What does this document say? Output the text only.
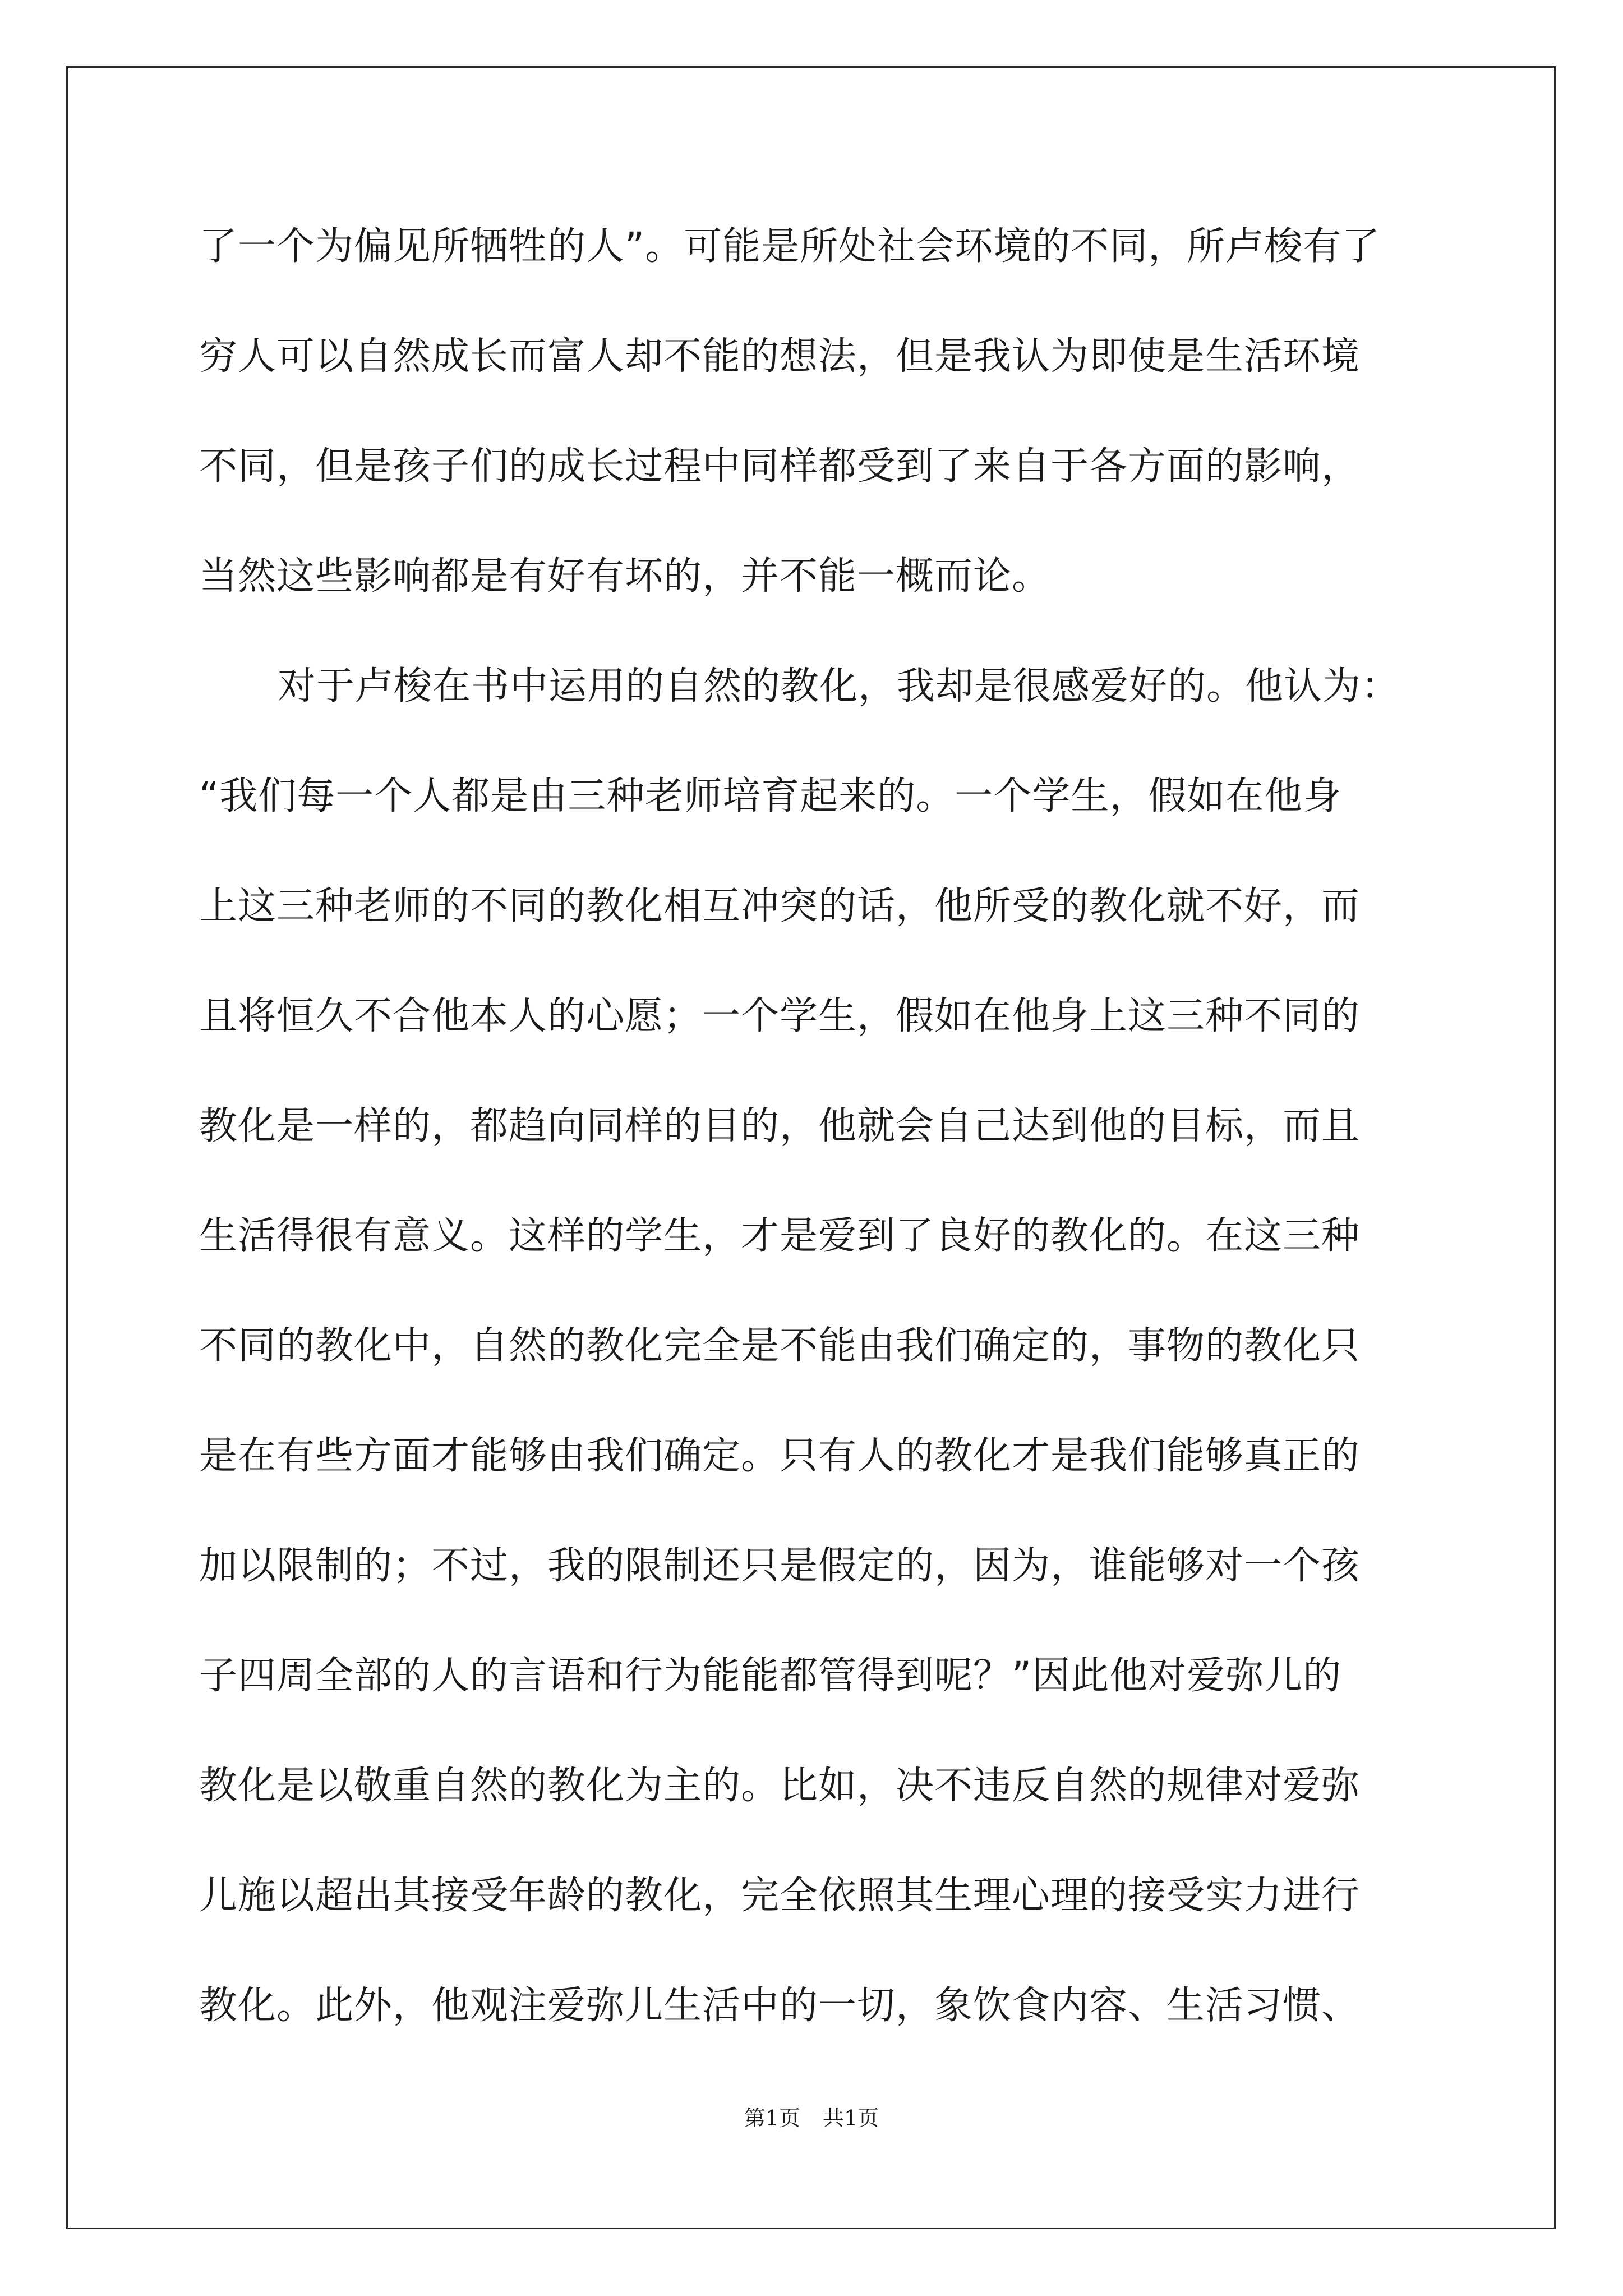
了一个为偏见所牺牲的人”。可能是所处社会环境的不同，所卢梭有了
穷人可以自然成长而富人却不能的想法，但是我认为即使是生活环境
不同，但是孩子们的成长过程中同样都受到了来自于各方面的影响，
当然这些影响都是有好有坏的，并不能一概而论。
对于卢梭在书中运用的自然的教化，我却是很感爱好的。他认为：
“我们每一个人都是由三种老师培育起来的。一个学生，假如在他身
上这三种老师的不同的教化相互冲突的话，他所受的教化就不好，而
且将恒久不合他本人的心愿；一个学生，假如在他身上这三种不同的
教化是一样的，都趋向同样的目的，他就会自己达到他的目标，而且
生活得很有意义。这样的学生，才是爱到了良好的教化的。在这三种
不同的教化中，自然的教化完全是不能由我们确定的，事物的教化只
是在有些方面才能够由我们确定。只有人的教化才是我们能够真正的
加以限制的；不过，我的限制还只是假定的，因为，谁能够对一个孩
子四周全部的人的言语和行为能能都管得到呢？”因此他对爱弥儿的
教化是以敬重自然的教化为主的。比如，决不违反自然的规律对爱弥
儿施以超出其接受年龄的教化，完全依照其生理心理的接受实力进行
教化。此外，他观注爱弥儿生活中的一切，象饮食内容、生活习惯、
第1页 共1页
